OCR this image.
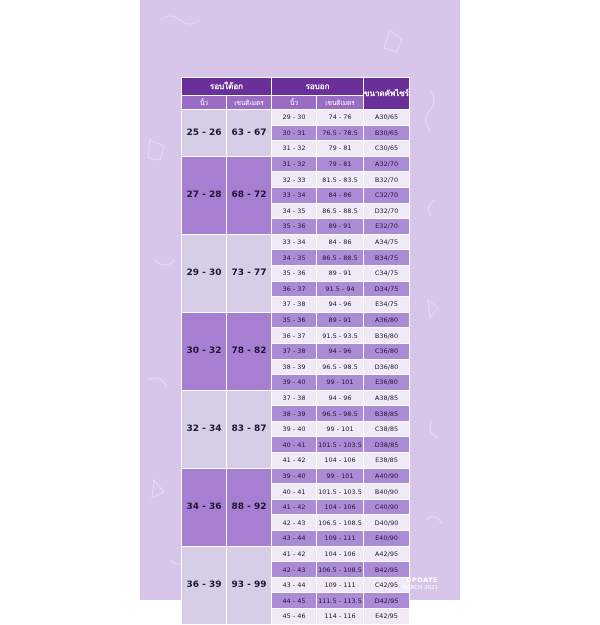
รอบใต้อก		รอบอก		ขนาดคัพไซร์
นิ้ว	เซนติเมตร	นิ้ว	เซนติเมตร	
25 - 26	63 - 67	29 - 30	74 - 76	A30/65
		30 - 31	76.5 - 78.5	B30/65
		31 - 32	79 - 81	C30/65
27 - 28	68 - 72	31 - 32	79 - 81	A32/70
		32 - 33	81.5 - 83.5	B32/70
		33 - 34	84 - 86	C32/70
		34 - 35	86.5 - 88.5	D32/70
		35 - 36	89 - 91	E32/70
29 - 30	73 - 77	33 - 34	84 - 86	A34/75
		34 - 35	86.5 - 88.5	B34/75
		35 - 36	89 - 91	C34/75
		36 - 37	91.5 - 94	D34/75
		37 - 38	94 - 96	E34/75
30 - 32	78 - 82	35 - 36	89 - 91	A36/80
		36 - 37	91.5 - 93.5	B36/80
		37 - 38	94 - 96	C36/80
		38 - 39	96.5 - 98.5	D36/80
		39 - 40	99 - 101	E36/80
32 - 34	83 - 87	37 - 38	94 - 96	A38/85
		38 - 39	96.5 - 98.5	B38/85
		39 - 40	99 - 101	C38/85
		40 - 41	101.5 - 103.5	D38/85
		41 - 42	104 - 106	E38/85
34 - 36	88 - 92	39 - 40	99 - 101	A40/90
		40 - 41	101.5 - 103.5	B40/90
		41 - 42	104 - 106	C40/90
		42 - 43	106.5 - 108.5	D40/90
		43 - 44	109 - 111	E40/90
36 - 39	93 - 99	41 - 42	104 - 106	A42/95
		42 - 43	106.5 - 108.5	B42/95
		43 - 44	109 - 111	C42/95
		44 - 45	111.5 - 113.5	D42/95
		45 - 46	114 - 116	E42/95
UPDATE
MARCH 2021
